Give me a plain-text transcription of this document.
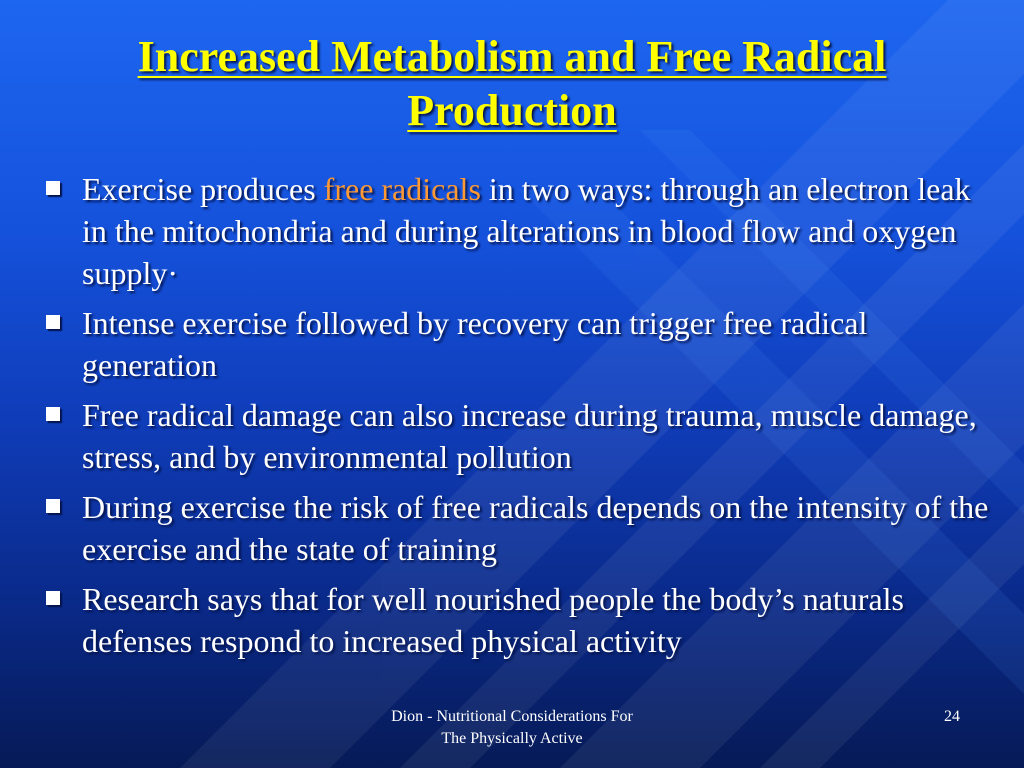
Increased Metabolism and Free Radical Production
Exercise produces free radicals in two ways: through an electron leak in the mitochondria and during alterations in blood flow and oxygen supply·
Intense exercise followed by recovery can trigger free radical generation
Free radical damage can also increase during trauma, muscle damage, stress, and by environmental pollution
During exercise the risk of free radicals depends on the intensity of the exercise and the state of training
Research says that for well nourished people the body’s naturals defenses respond to increased physical activity
Dion - Nutritional Considerations For
The Physically Active
24
